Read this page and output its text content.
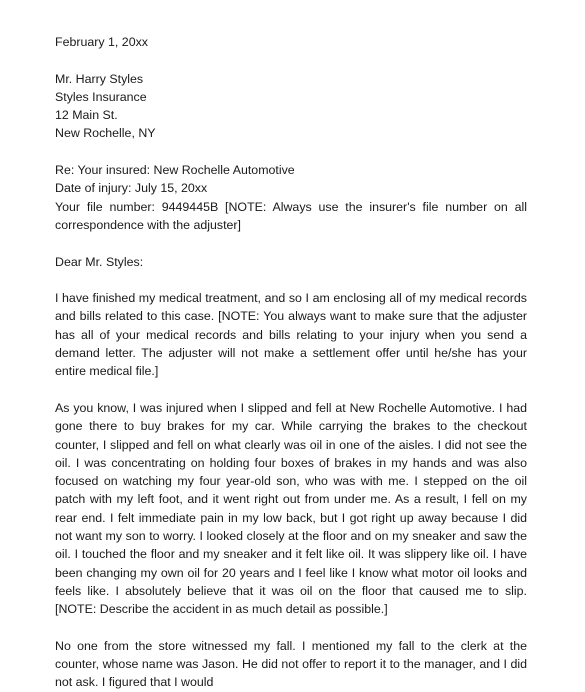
February 1, 20xx

Mr. Harry Styles

Styles Insurance

12 Main St.

New Rochelle, NY

Re: Your insured: New Rochelle Automotive

Date of injury: July 15, 20xx

Your file number: 9449445B [NOTE: Always use the insurer's file number on all correspondence with the adjuster]

Dear Mr. Styles:

I have finished my medical treatment, and so I am enclosing all of my medical records and bills related to this case. [NOTE: You always want to make sure that the adjuster has all of your medical records and bills relating to your injury when you send a demand letter. The adjuster will not make a settlement offer until he/she has your entire medical file.]

As you know, I was injured when I slipped and fell at New Rochelle Automotive. I had gone there to buy brakes for my car. While carrying the brakes to the checkout counter, I slipped and fell on what clearly was oil in one of the aisles. I did not see the oil. I was concentrating on holding four boxes of brakes in my hands and was also focused on watching my four year-old son, who was with me. I stepped on the oil patch with my left foot, and it went right out from under me. As a result, I fell on my rear end. I felt immediate pain in my low back, but I got right up away because I did not want my son to worry. I looked closely at the floor and on my sneaker and saw the oil. I touched the floor and my sneaker and it felt like oil. It was slippery like oil. I have been changing my own oil for 20 years and I feel like I know what motor oil looks and feels like. I absolutely believe that it was oil on the floor that caused me to slip. [NOTE: Describe the accident in as much detail as possible.]

No one from the store witnessed my fall. I mentioned my fall to the clerk at the counter, whose name was Jason. He did not offer to report it to the manager, and I did not ask. I figured that I would
